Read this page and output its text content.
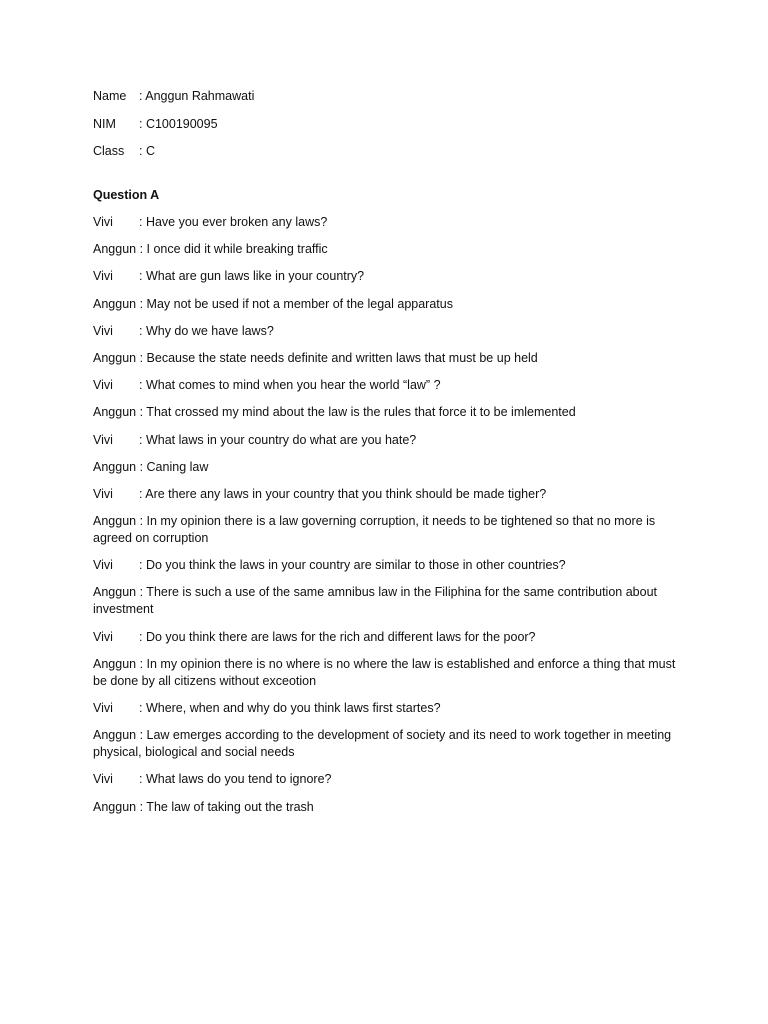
Name	: Anggun Rahmawati
NIM	: C100190095
Class	: C
Question A
Vivi : Have you ever broken any laws?
Anggun : I once did it while breaking traffic
Vivi : What are gun laws like in your country?
Anggun : May not be used if not a member of the legal apparatus
Vivi : Why do we have laws?
Anggun : Because the state needs definite and written laws that must be up held
Vivi : What comes to mind when you hear the world “law” ?
Anggun : That crossed my mind about the law is the rules that force it to be imlemented
Vivi : What laws in your country do what are you hate?
Anggun : Caning law
Vivi : Are there any laws in your country that you think should be made tigher?
Anggun : In my opinion there is a law governing corruption, it needs to be tightened so that no more is agreed on corruption
Vivi : Do you think the laws in your country are similar to those in other countries?
Anggun : There is such a use of the same amnibus law in the Filiphina for the same contribution about investment
Vivi : Do you think there are laws for the rich and different laws for the poor?
Anggun : In my opinion there is no where is no where the law is established and enforce a thing that must be done by all citizens without exceotion
Vivi : Where, when and why do you think laws first startes?
Anggun : Law emerges according to the development of society and its need to work together in meeting physical, biological and social needs
Vivi : What laws do you tend to ignore?
Anggun : The law of taking out the trash
